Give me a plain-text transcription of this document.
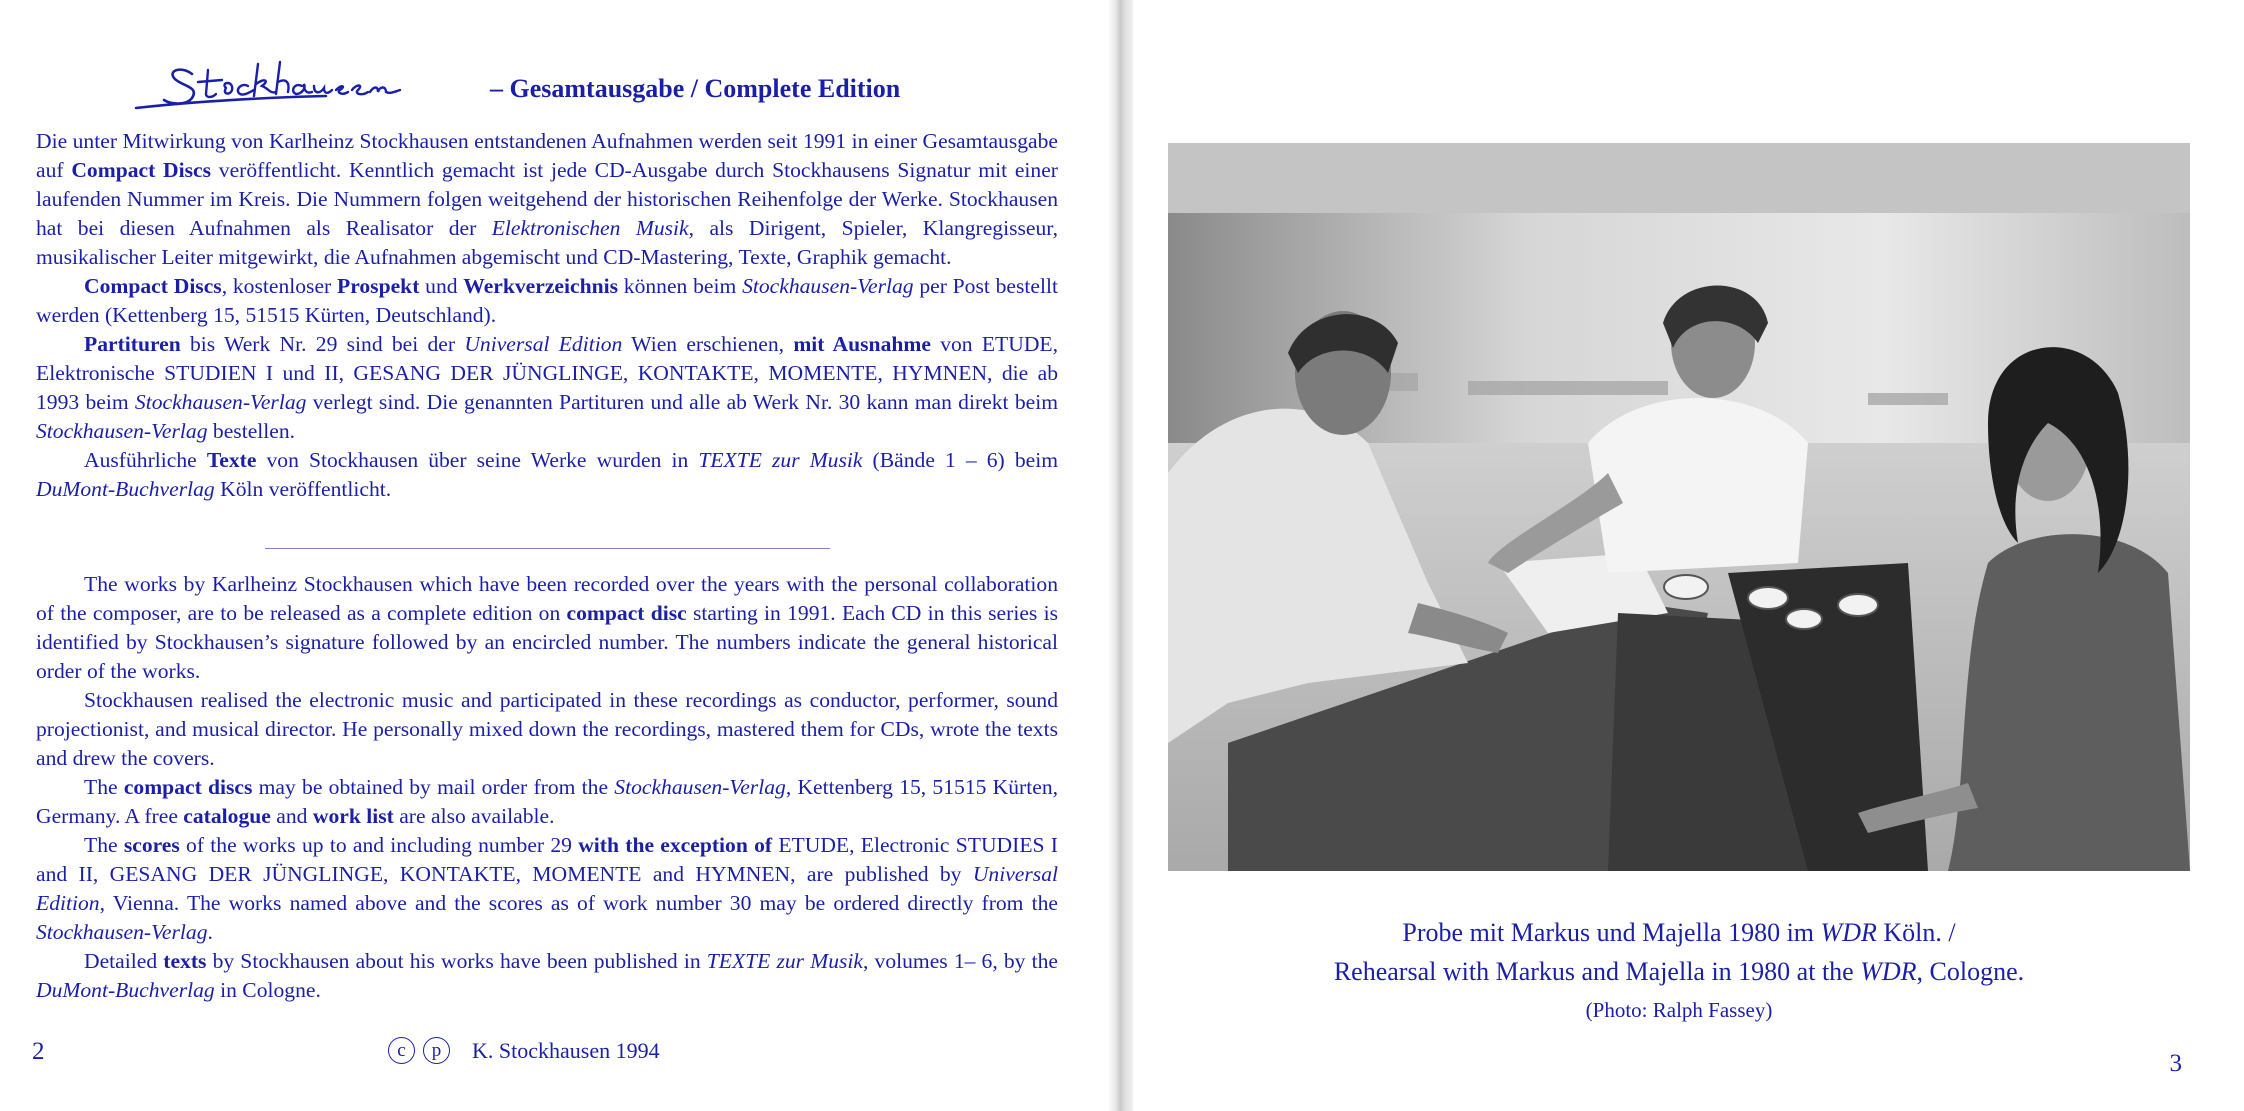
– Gesamtausgabe / Complete Edition

Die unter Mitwirkung von Karlheinz Stockhausen entstandenen Aufnahmen werden seit 1991 in einer Gesamtausgabe auf Compact Discs veröffentlicht. Kenntlich gemacht ist jede CD-Ausgabe durch Stockhausens Signatur mit einer laufenden Nummer im Kreis. Die Nummern folgen weitgehend der historischen Reihenfolge der Werke. Stockhausen hat bei diesen Aufnahmen als Realisator der Elektronischen Musik, als Dirigent, Spieler, Klangregisseur, musikalischer Leiter mitgewirkt, die Aufnahmen abgemischt und CD-Mastering, Texte, Graphik gemacht.

Compact Discs, kostenloser Prospekt und Werkverzeichnis können beim Stockhausen-Verlag per Post bestellt werden (Kettenberg 15, 51515 Kürten, Deutschland).

Partituren bis Werk Nr. 29 sind bei der Universal Edition Wien erschienen, mit Ausnahme von ETUDE, Elektronische STUDIEN I und II, GESANG DER JÜNGLINGE, KONTAKTE, MOMENTE, HYMNEN, die ab 1993 beim Stockhausen-Verlag verlegt sind. Die genannten Partituren und alle ab Werk Nr. 30 kann man direkt beim Stockhausen-Verlag bestellen.

Ausführliche Texte von Stockhausen über seine Werke wurden in TEXTE zur Musik (Bände 1 – 6) beim DuMont-Buchverlag Köln veröffentlicht.

The works by Karlheinz Stockhausen which have been recorded over the years with the personal collaboration of the composer, are to be released as a complete edition on compact disc starting in 1991. Each CD in this series is identified by Stockhausen’s signature followed by an encircled number. The numbers indicate the general historical order of the works.

Stockhausen realised the electronic music and participated in these recordings as conductor, performer, sound projectionist, and musical director. He personally mixed down the recordings, mastered them for CDs, wrote the texts and drew the covers.

The compact discs may be obtained by mail order from the Stockhausen-Verlag, Kettenberg 15, 51515 Kürten, Germany. A free catalogue and work list are also available.

The scores of the works up to and including number 29 with the exception of ETUDE, Electronic STUDIES I and II, GESANG DER JÜNGLINGE, KONTAKTE, MOMENTE and HYMNEN, are published by Universal Edition, Vienna. The works named above and the scores as of work number 30 may be ordered directly from the Stockhausen-Verlag.

Detailed texts by Stockhausen about his works have been published in TEXTE zur Musik, volumes 1– 6, by the DuMont-Buchverlag in Cologne.

2	c	p	K. Stockhausen 1994	3
Probe mit Markus und Majella 1980 im WDR Köln. /
Rehearsal with Markus and Majella in 1980 at the WDR, Cologne.
(Photo: Ralph Fassey)
